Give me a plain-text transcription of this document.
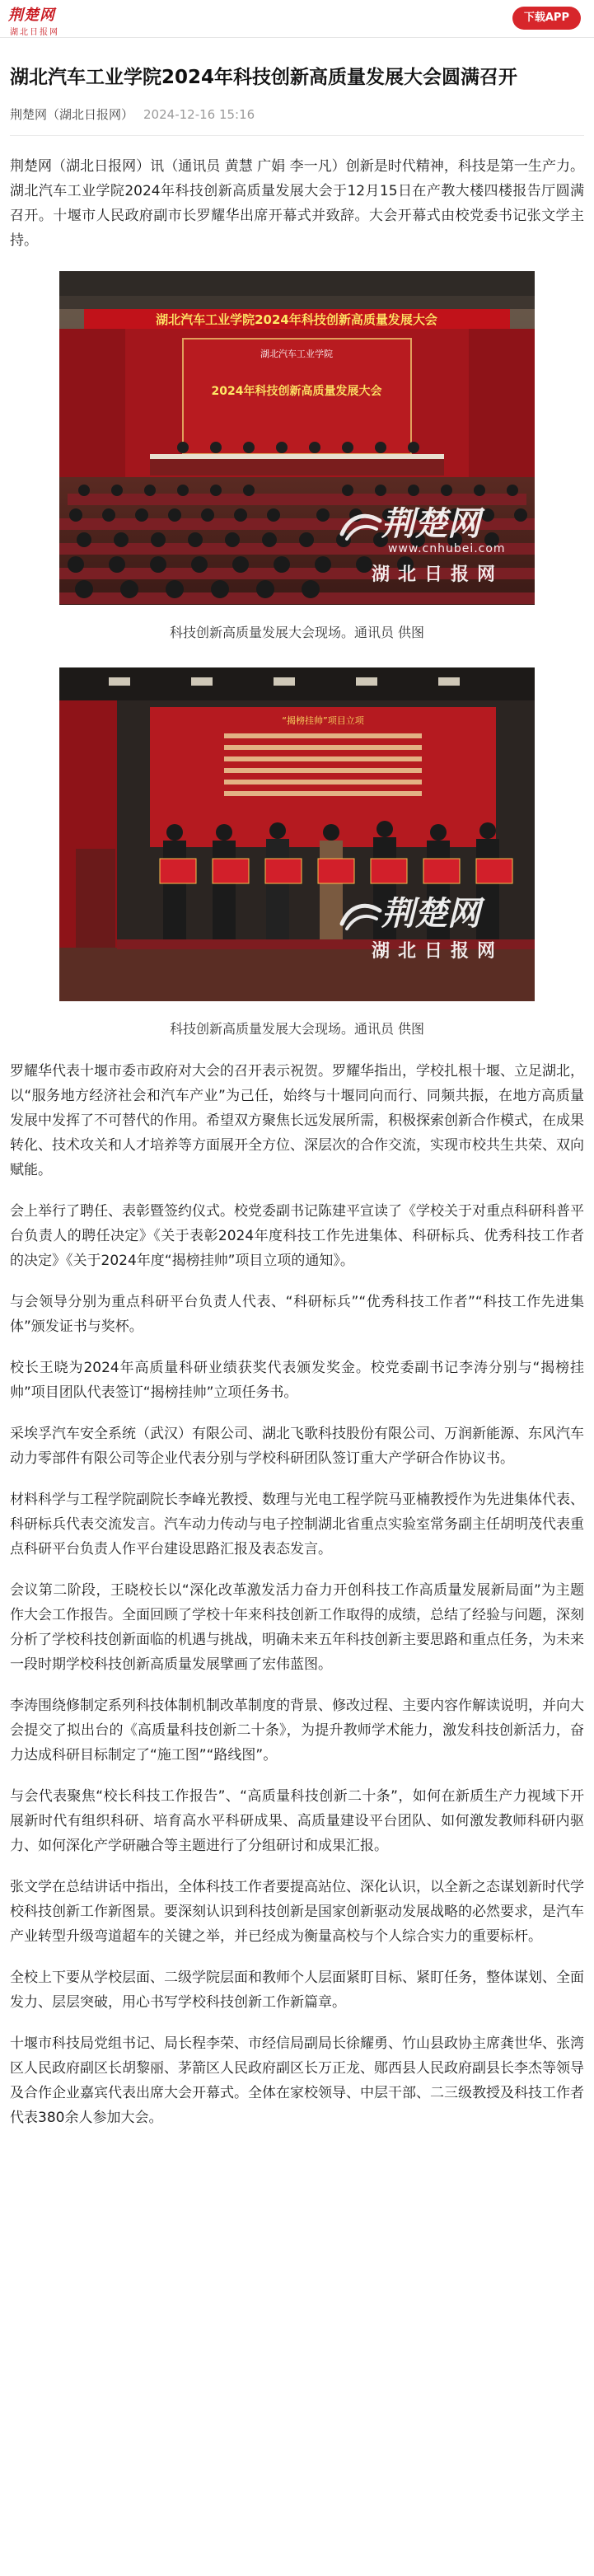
荆楚网
湖北日报网
下载APP
湖北汽车工业学院2024年科技创新高质量发展大会圆满召开
荆楚网（湖北日报网） 2024-12-16 15:16

荆楚网（湖北日报网）讯（通讯员 黄慧 广娟 李一凡）创新是时代精神，科技是第一生产力。湖北汽车工业学院2024年科技创新高质量发展大会于12月15日在产教大楼四楼报告厅圆满召开。十堰市人民政府副市长罗耀华出席开幕式并致辞。大会开幕式由校党委书记张文学主持。

湖北汽车工业学院2024年科技创新高质量发展大会
湖北汽车工业学院
2024年科技创新高质量发展大会
荆楚网
www.cnhubei.com
湖北日报网
科技创新高质量发展大会现场。通讯员 供图
“揭榜挂帅”项目立项
荆楚网
湖北日报网
科技创新高质量发展大会现场。通讯员 供图

罗耀华代表十堰市委市政府对大会的召开表示祝贺。罗耀华指出，学校扎根十堰、立足湖北，以“服务地方经济社会和汽车产业”为己任，始终与十堰同向而行、同频共振，在地方高质量发展中发挥了不可替代的作用。希望双方聚焦长远发展所需，积极探索创新合作模式，在成果转化、技术攻关和人才培养等方面展开全方位、深层次的合作交流，实现市校共生共荣、双向赋能。

会上举行了聘任、表彰暨签约仪式。校党委副书记陈建平宣读了《学校关于对重点科研科普平台负责人的聘任决定》《关于表彰2024年度科技工作先进集体、科研标兵、优秀科技工作者的决定》《关于2024年度“揭榜挂帅”项目立项的通知》。

与会领导分别为重点科研平台负责人代表、“科研标兵”“优秀科技工作者”“科技工作先进集体”颁发证书与奖杯。

校长王晓为2024年高质量科研业绩获奖代表颁发奖金。校党委副书记李涛分别与“揭榜挂帅”项目团队代表签订“揭榜挂帅”立项任务书。

采埃孚汽车安全系统（武汉）有限公司、湖北飞歌科技股份有限公司、万润新能源、东风汽车动力零部件有限公司等企业代表分别与学校科研团队签订重大产学研合作协议书。

材料科学与工程学院副院长李峰光教授、数理与光电工程学院马亚楠教授作为先进集体代表、科研标兵代表交流发言。汽车动力传动与电子控制湖北省重点实验室常务副主任胡明茂代表重点科研平台负责人作平台建设思路汇报及表态发言。

会议第二阶段，王晓校长以“深化改革激发活力奋力开创科技工作高质量发展新局面”为主题作大会工作报告。全面回顾了学校十年来科技创新工作取得的成绩，总结了经验与问题，深刻分析了学校科技创新面临的机遇与挑战，明确未来五年科技创新主要思路和重点任务，为未来一段时期学校科技创新高质量发展擘画了宏伟蓝图。

李涛围绕修制定系列科技体制机制改革制度的背景、修改过程、主要内容作解读说明，并向大会提交了拟出台的《高质量科技创新二十条》，为提升教师学术能力，激发科技创新活力，奋力达成科研目标制定了“施工图”“路线图”。

与会代表聚焦“校长科技工作报告”、“高质量科技创新二十条”，如何在新质生产力视域下开展新时代有组织科研、培育高水平科研成果、高质量建设平台团队、如何激发教师科研内驱力、如何深化产学研融合等主题进行了分组研讨和成果汇报。

张文学在总结讲话中指出，全体科技工作者要提高站位、深化认识，以全新之态谋划新时代学校科技创新工作新图景。要深刻认识到科技创新是国家创新驱动发展战略的必然要求，是汽车产业转型升级弯道超车的关键之举，并已经成为衡量高校与个人综合实力的重要标杆。

全校上下要从学校层面、二级学院层面和教师个人层面紧盯目标、紧盯任务，整体谋划、全面发力、层层突破，用心书写学校科技创新工作新篇章。

十堰市科技局党组书记、局长程李荣、市经信局副局长徐耀勇、竹山县政协主席龚世华、张湾区人民政府副区长胡黎丽、茅箭区人民政府副区长万正龙、郧西县人民政府副县长李杰等领导及合作企业嘉宾代表出席大会开幕式。全体在家校领导、中层干部、二三级教授及科技工作者代表380余人参加大会。
